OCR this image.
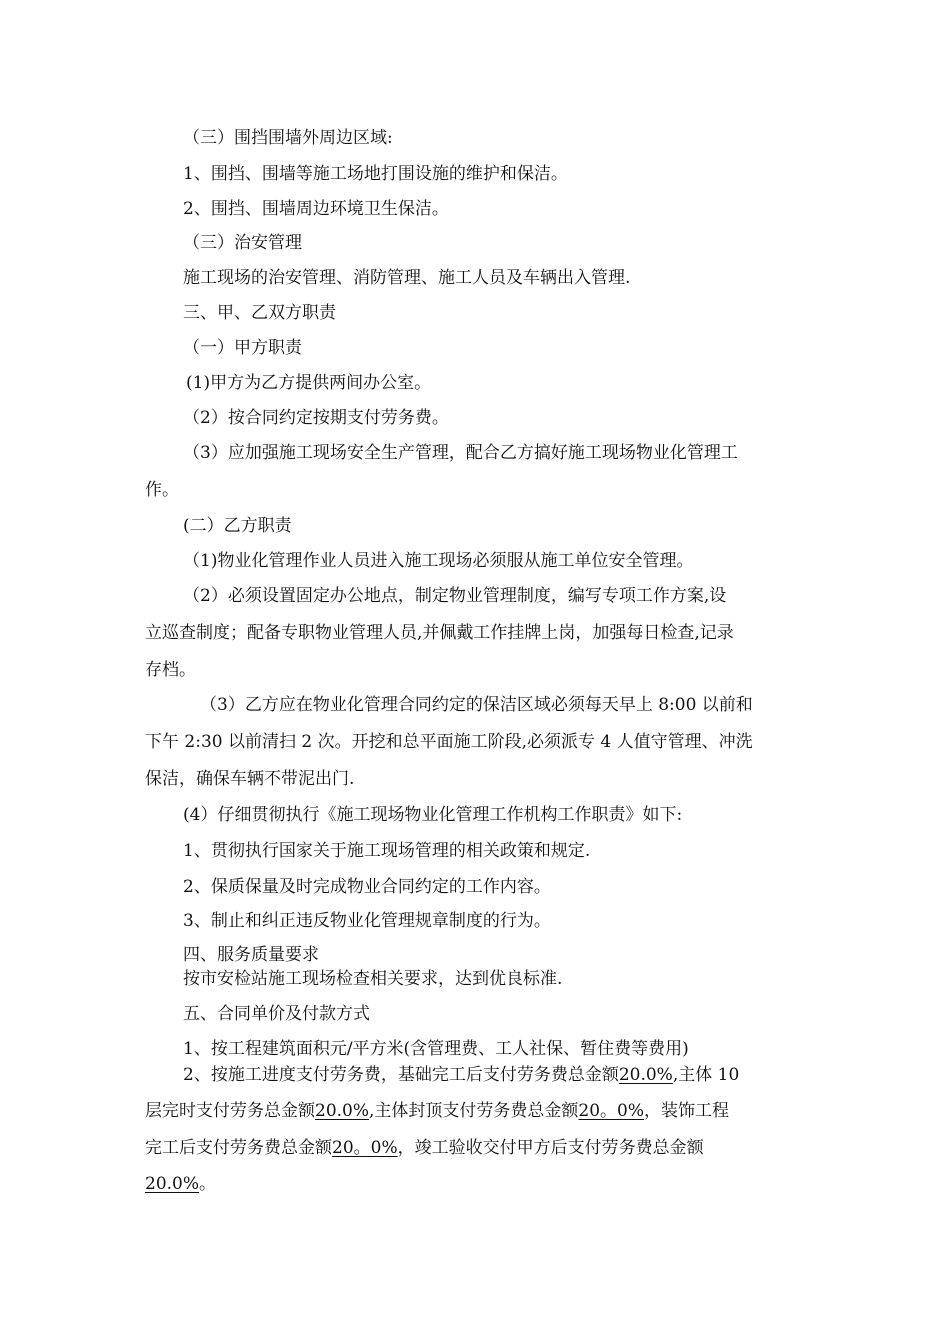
（三）围挡围墙外周边区域:

1、围挡、围墙等施工场地打围设施的维护和保洁。

2、围挡、围墙周边环境卫生保洁。

（三）治安管理

施工现场的治安管理、消防管理、施工人员及车辆出入管理.

三、甲、乙双方职责

（一）甲方职责

(1)甲方为乙方提供两间办公室。

（2）按合同约定按期支付劳务费。

（3）应加强施工现场安全生产管理，配合乙方搞好施工现场物业化管理工

作。

(二）乙方职责

（1)物业化管理作业人员进入施工现场必须服从施工单位安全管理。

（2）必须设置固定办公地点，制定物业管理制度，编写专项工作方案,设

立巡查制度；配备专职物业管理人员,并佩戴工作挂牌上岗，加强每日检查,记录

存档。

（3）乙方应在物业化管理合同约定的保洁区域必须每天早上 8:00 以前和

下午 2:30 以前清扫 2 次。开挖和总平面施工阶段,必须派专 4 人值守管理、冲洗

保洁，确保车辆不带泥出门.

(4）仔细贯彻执行《施工现场物业化管理工作机构工作职责》如下:

1、贯彻执行国家关于施工现场管理的相关政策和规定.

2、保质保量及时完成物业合同约定的工作内容。

3、制止和纠正违反物业化管理规章制度的行为。

四、服务质量要求

按市安检站施工现场检查相关要求，达到优良标准.

五、合同单价及付款方式

1、按工程建筑面积元/平方米(含管理费、工人社保、暂住费等费用)

2、按施工进度支付劳务费，基础完工后支付劳务费总金额20.0%,主体 10

层完时支付劳务总金额20.0%,主体封顶支付劳务费总金额20。0%，装饰工程

完工后支付劳务费总金额20。0%，竣工验收交付甲方后支付劳务费总金额

20.0%。
